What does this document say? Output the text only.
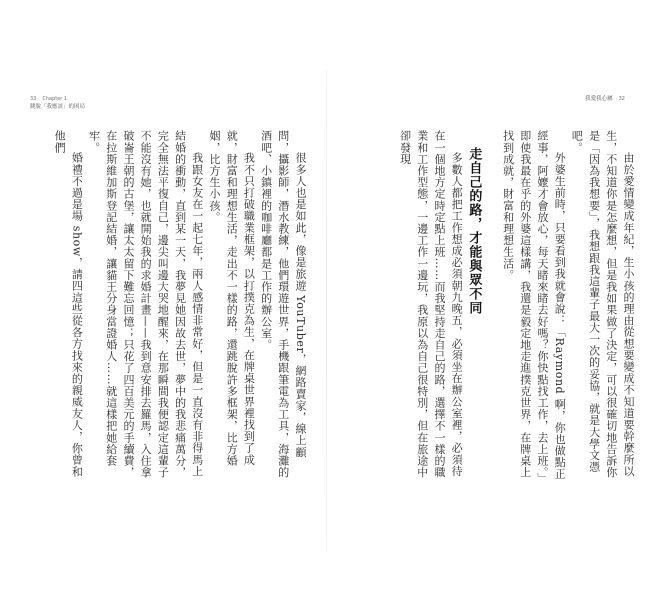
33 Chapter 1
跳脫「我應該」的困局
我愛我心屬 32

由於愛情變成年紀，生小孩的理由從想要變成不知道要幹麼所以生，不知道你是怎麼想，但是我如果做了決定，可以很確切地告訴你是「因為我想要」，我想跟我這輩子最大一次的妥協，就是大學文憑吧。

外婆生前時，只要看到我就會說：「Raymond 啊，你也做點正經事，阿嬤才會放心，每天睹來睹去好嗎？你快點找工作，去上班。」即使我最在乎的外婆這樣講，我還是毅定地走進撲克世界，在牌桌上找到成就，財富和理想生活。

走自己的路，才能與眾不同

多數人都把工作想成必須朝九晚五，必須坐在辦公室裡，必須待在一個地方定時定點上班……而我堅持走自己的路，選擇不一樣的職業和工作型態，一邊工作一邊玩，我原以為自己很特別，但在旅途中卻發現

很多人也是如此，像是旅遊 YouTuber，網路賣家，線上顧問，攝影師，潛水教練，他們環遊世界，手機跟筆電為工具，海灘的酒吧、小鎮裡的咖啡廳都是工作的辦公室。

我不只打破職業框架，以打撲克為生，在牌桌世界裡找到了成就，財富和理想生活，走出不一樣的路，還跳脫許多框架，比方婚姻，比方生小孩。

我跟女友在一起七年，兩人感情非常好，但是一直沒有非得馬上結婚的衝動，直到某一天，我夢見她因故去世，夢中的我悲痛萬分，完全無法平復自己，邊尖叫邊大哭地醒來，在那瞬間我便認定這輩子不能沒有她，也就開始我的求婚計畫——我到意安排去羅馬，入住拿破崙王朝的古堡，讓太太留下難忘回憶；只花了四百美元的手續費，在拉斯維加斯登記結婚，讓貓王分身當證婚人……就這樣把她給套牢。

婚禮不過是場 show，請四這些從各方找來的親威友人，你曾和他們
